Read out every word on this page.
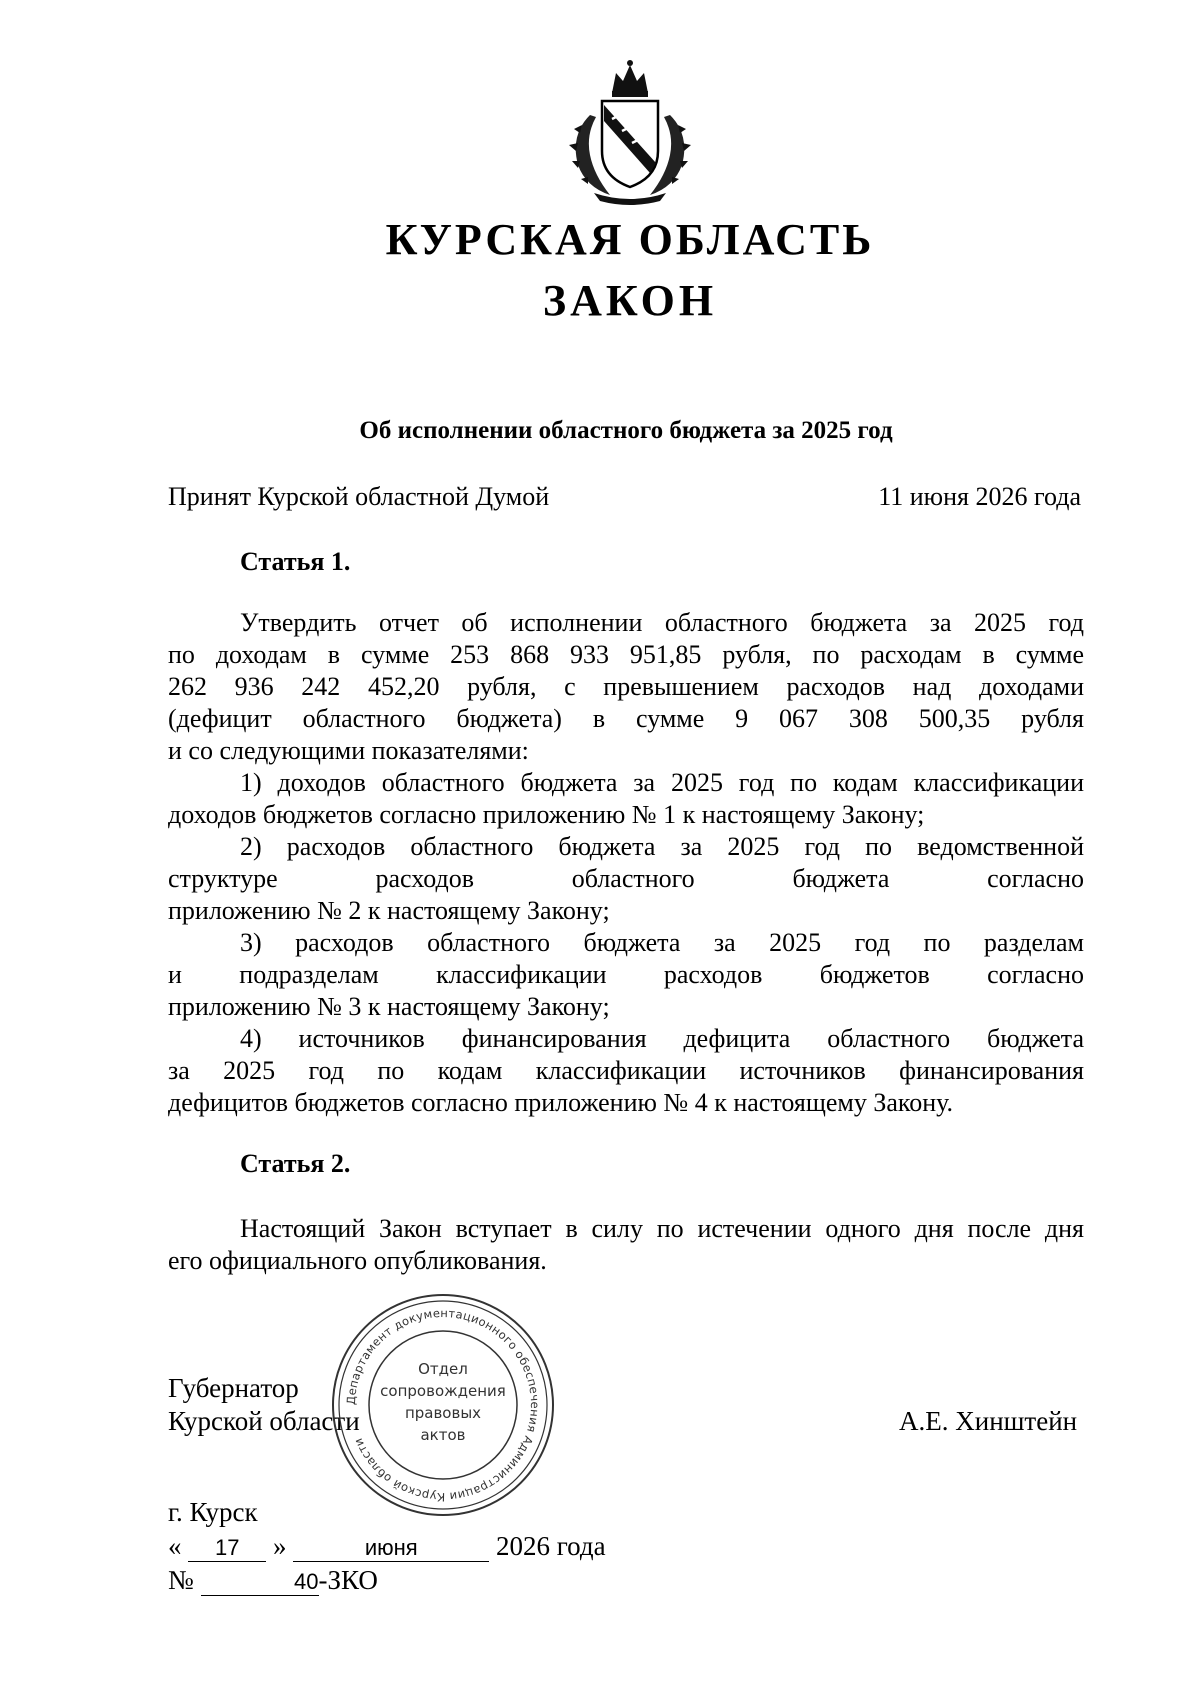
КУРСКАЯ ОБЛАСТЬ
ЗАКОН
Об исполнении областного бюджета за 2025 год
Принят Курской областной Думой	11 июня 2026 года
Статья 1.
Утвердить отчет об исполнении областного бюджета за 2025 год
по доходам в сумме 253 868 933 951,85 рубля, по расходам в сумме
262 936 242 452,20 рубля, с превышением расходов над доходами
(дефицит областного бюджета) в сумме 9 067 308 500,35 рубля
и со следующими показателями:
1) доходов областного бюджета за 2025 год по кодам классификации
доходов бюджетов согласно приложению № 1 к настоящему Закону;
2) расходов областного бюджета за 2025 год по ведомственной
структуре расходов областного бюджета согласно
приложению № 2 к настоящему Закону;
3) расходов областного бюджета за 2025 год по разделам
и подразделам классификации расходов бюджетов согласно
приложению № 3 к настоящему Закону;
4) источников финансирования дефицита областного бюджета
за 2025 год по кодам классификации источников финансирования
дефицитов бюджетов согласно приложению № 4 к настоящему Закону.
Статья 2.
Настоящий Закон вступает в силу по истечении одного дня после дня
его официального опубликования.
Губернатор
Курской области	А.Е. Хинштейн
Департамент документационного обеспечения Администрации Курской области
Отдел
сопровождения
правовых
актов
г. Курск
« 17 »	июня	2026 года
№	40-ЗКО
